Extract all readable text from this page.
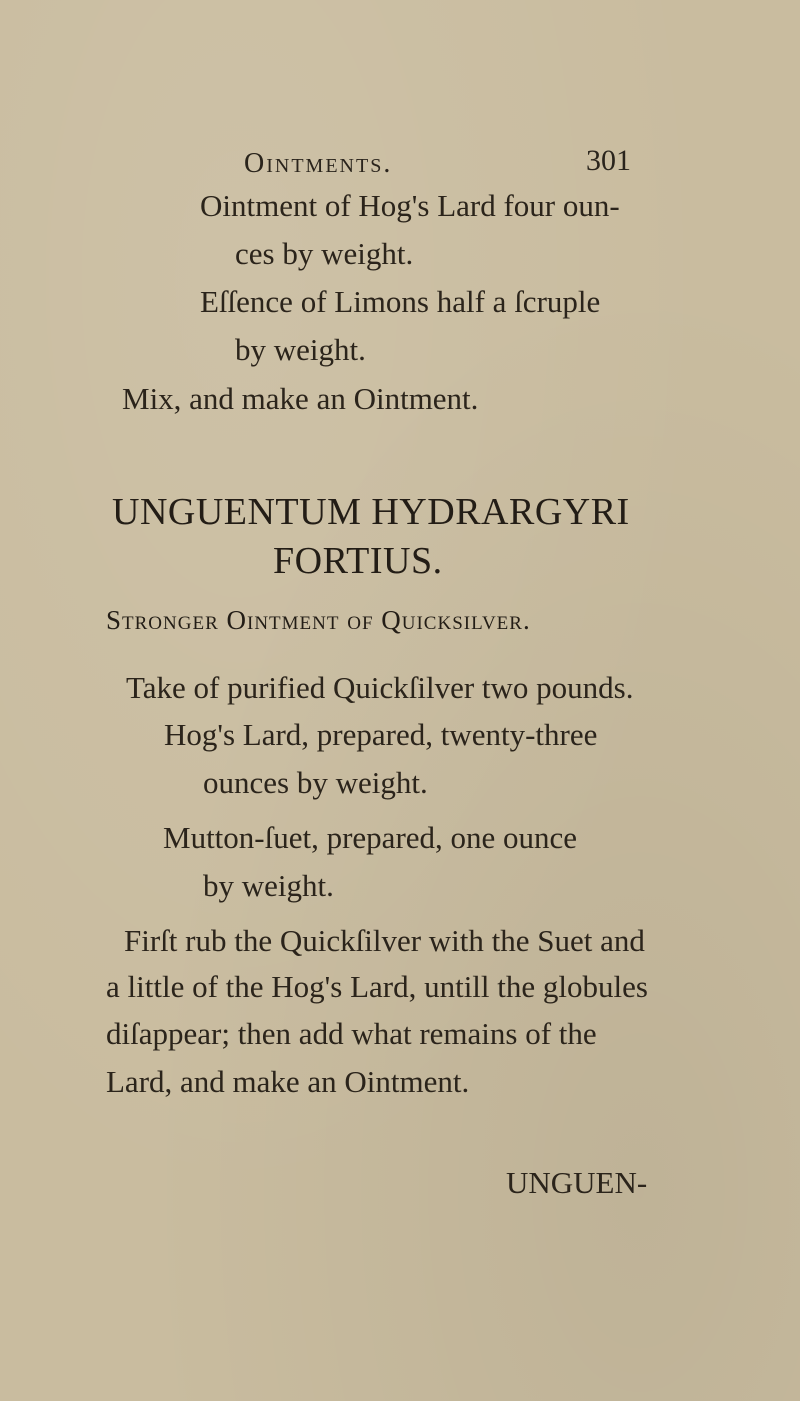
Ointments.	301
Ointment of Hog's Lard four oun-
ces by weight.
Eſſence of Limons half a ſcruple
by weight.
Mix, and make an Ointment.
UNGUENTUM HYDRARGYRI
FORTIUS.
Stronger Ointment of Quicksilver.
Take of purified Quickſilver two pounds.
Hog's Lard, prepared, twenty-three
ounces by weight.
Mutton-ſuet, prepared, one ounce
by weight.
Firſt rub the Quickſilver with the Suet and
a little of the Hog's Lard, untill the globules
diſappear; then add what remains of the
Lard, and make an Ointment.
UNGUEN-
